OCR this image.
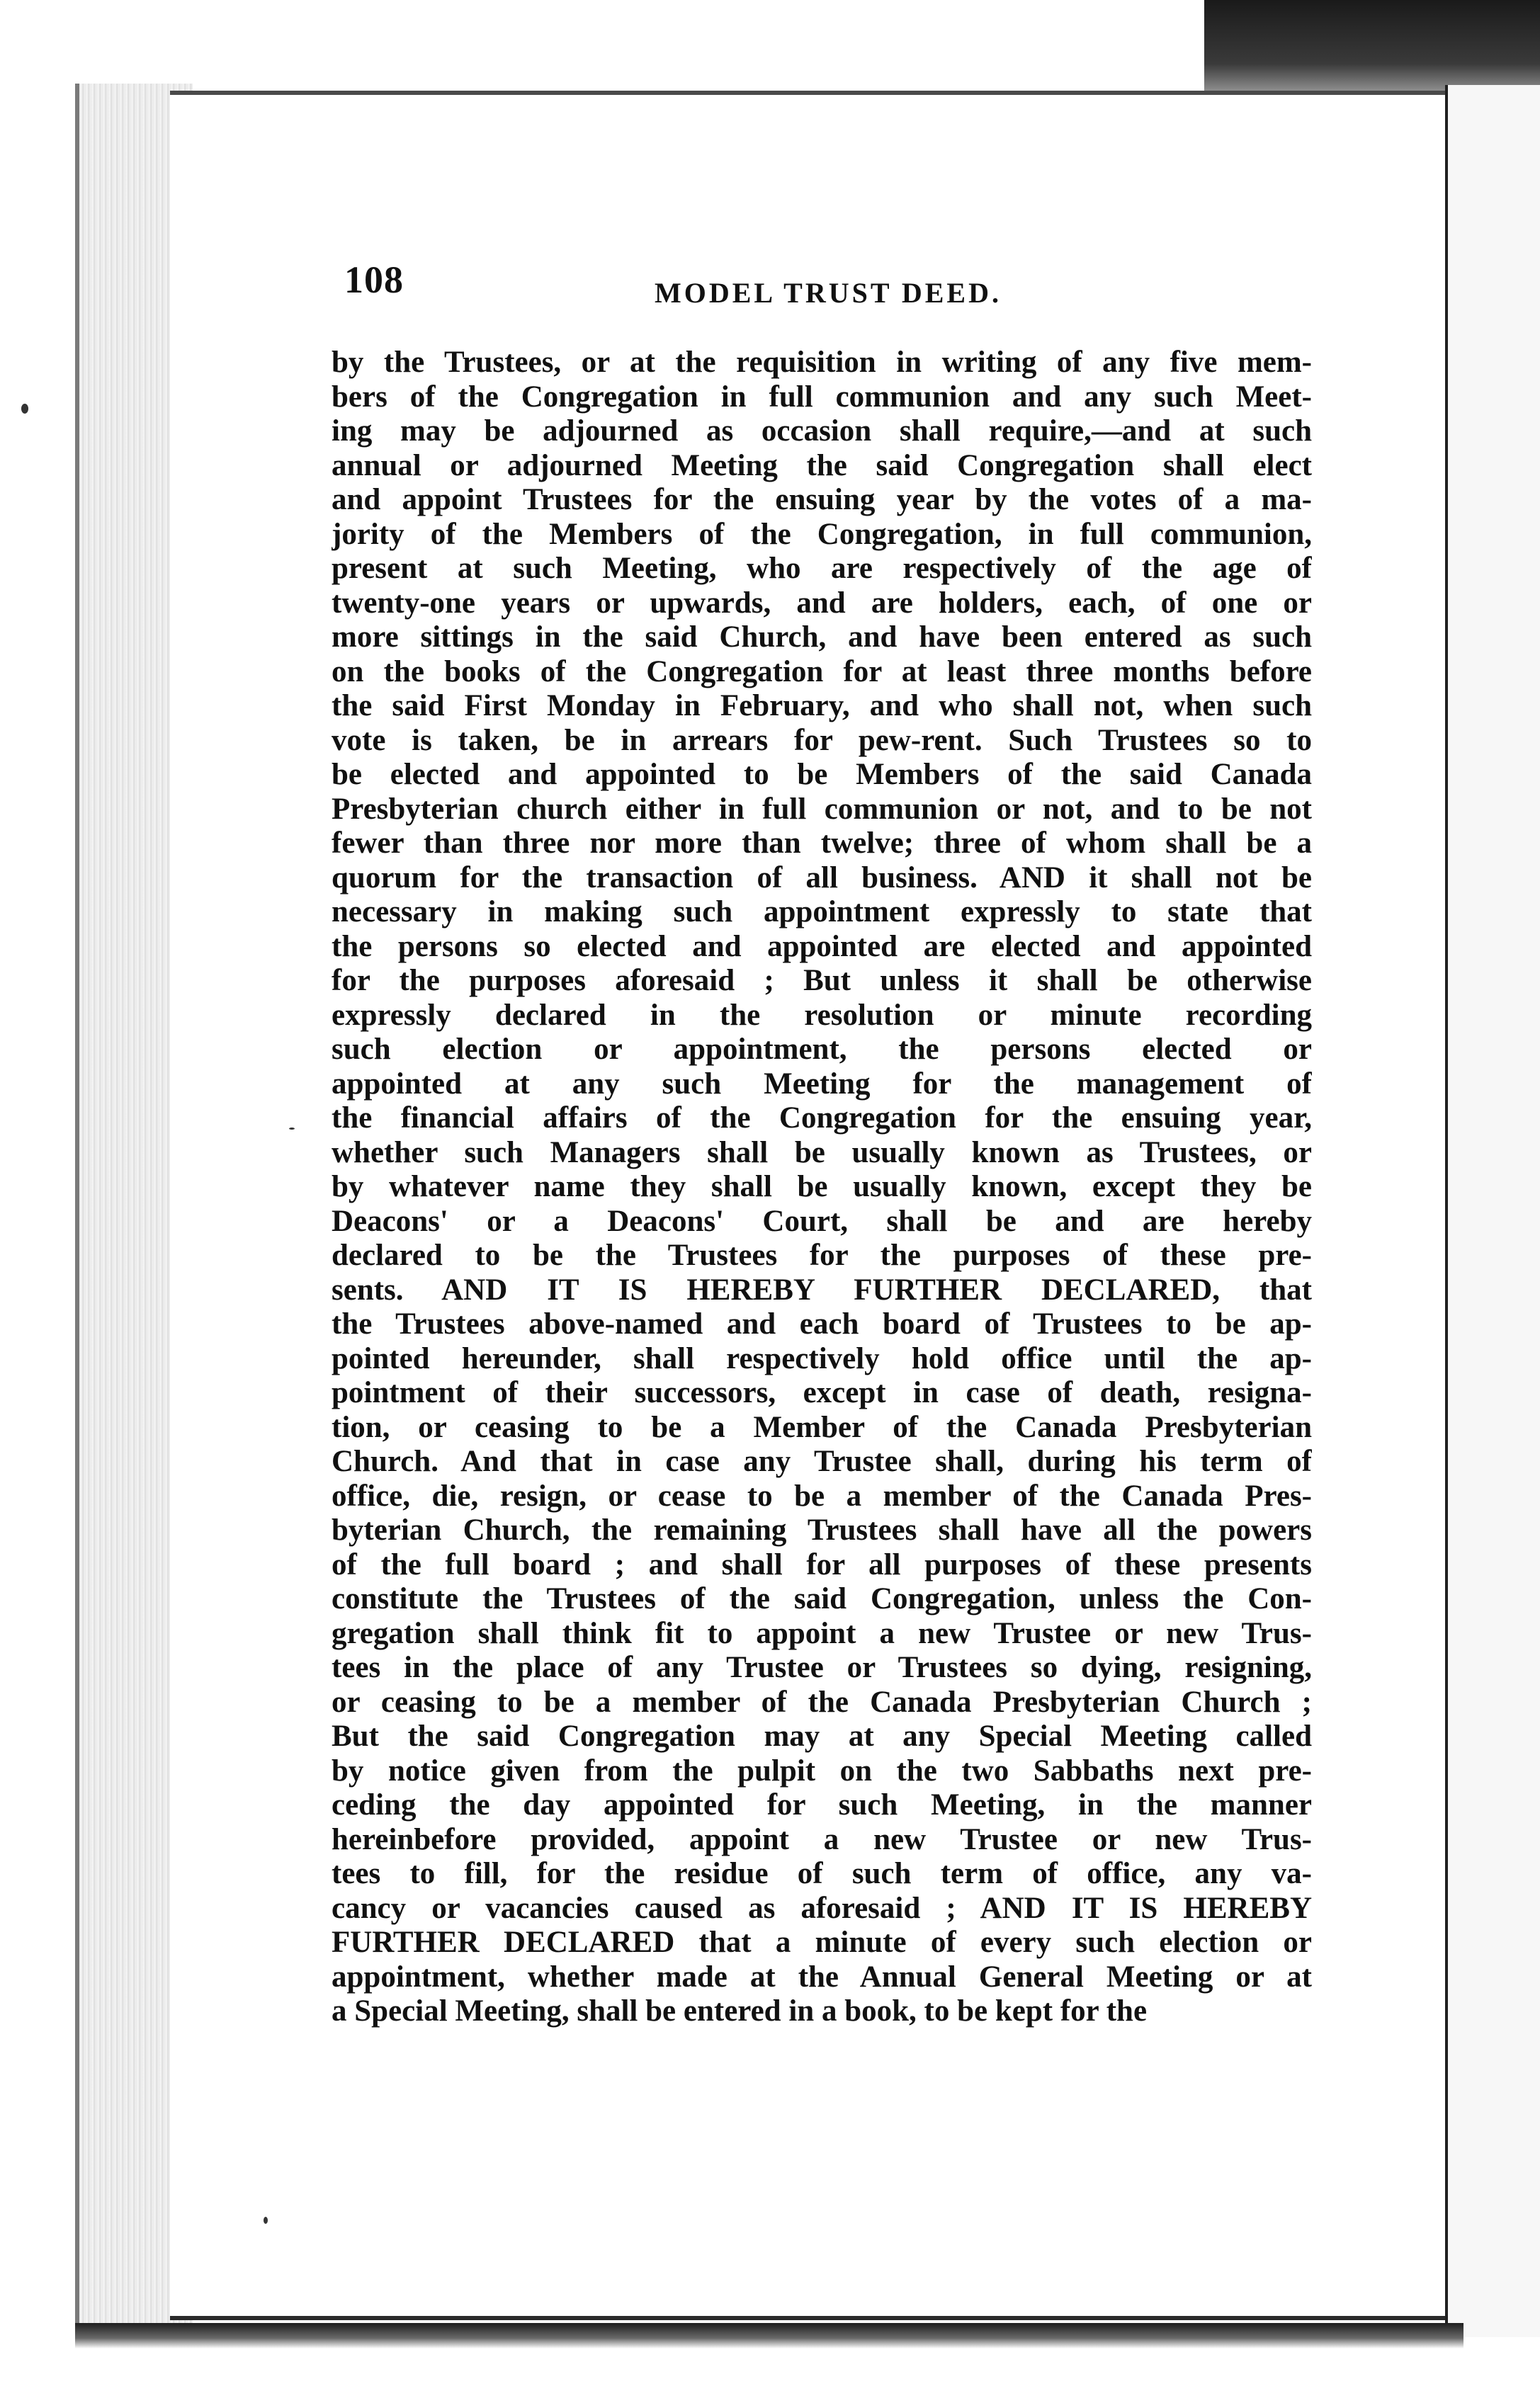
108	MODEL TRUST DEED.
by the Trustees, or at the requisition in writing of any five mem-
bers of the Congregation in full communion and any such Meet-
ing may be adjourned as occasion shall require,—and at such
annual or adjourned Meeting the said Congregation shall elect
and appoint Trustees for the ensuing year by the votes of a ma-
jority of the Members of the Congregation, in full communion,
present at such Meeting, who are respectively of the age of
twenty-one years or upwards, and are holders, each, of one or
more sittings in the said Church, and have been entered as such
on the books of the Congregation for at least three months before
the said First Monday in February, and who shall not, when such
vote is taken, be in arrears for pew-rent. Such Trustees so to
be elected and appointed to be Members of the said Canada
Presbyterian church either in full communion or not, and to be not
fewer than three nor more than twelve; three of whom shall be a
quorum for the transaction of all business. AND it shall not be
necessary in making such appointment expressly to state that
the persons so elected and appointed are elected and appointed
for the purposes aforesaid ; But unless it shall be otherwise
expressly declared in the resolution or minute recording
such election or appointment, the persons elected or
appointed at any such Meeting for the management of
the financial affairs of the Congregation for the ensuing year,
whether such Managers shall be usually known as Trustees, or
by whatever name they shall be usually known, except they be
Deacons' or a Deacons' Court, shall be and are hereby
declared to be the Trustees for the purposes of these pre-
sents. AND IT IS HEREBY FURTHER DECLARED, that
the Trustees above-named and each board of Trustees to be ap-
pointed hereunder, shall respectively hold office until the ap-
pointment of their successors, except in case of death, resigna-
tion, or ceasing to be a Member of the Canada Presbyterian
Church. And that in case any Trustee shall, during his term of
office, die, resign, or cease to be a member of the Canada Pres-
byterian Church, the remaining Trustees shall have all the powers
of the full board ; and shall for all purposes of these presents
constitute the Trustees of the said Congregation, unless the Con-
gregation shall think fit to appoint a new Trustee or new Trus-
tees in the place of any Trustee or Trustees so dying, resigning,
or ceasing to be a member of the Canada Presbyterian Church ;
But the said Congregation may at any Special Meeting called
by notice given from the pulpit on the two Sabbaths next pre-
ceding the day appointed for such Meeting, in the manner
hereinbefore provided, appoint a new Trustee or new Trus-
tees to fill, for the residue of such term of office, any va-
cancy or vacancies caused as aforesaid ; AND IT IS HEREBY
FURTHER DECLARED that a minute of every such election or
appointment, whether made at the Annual General Meeting or at
a Special Meeting, shall be entered in a book, to be kept for the
